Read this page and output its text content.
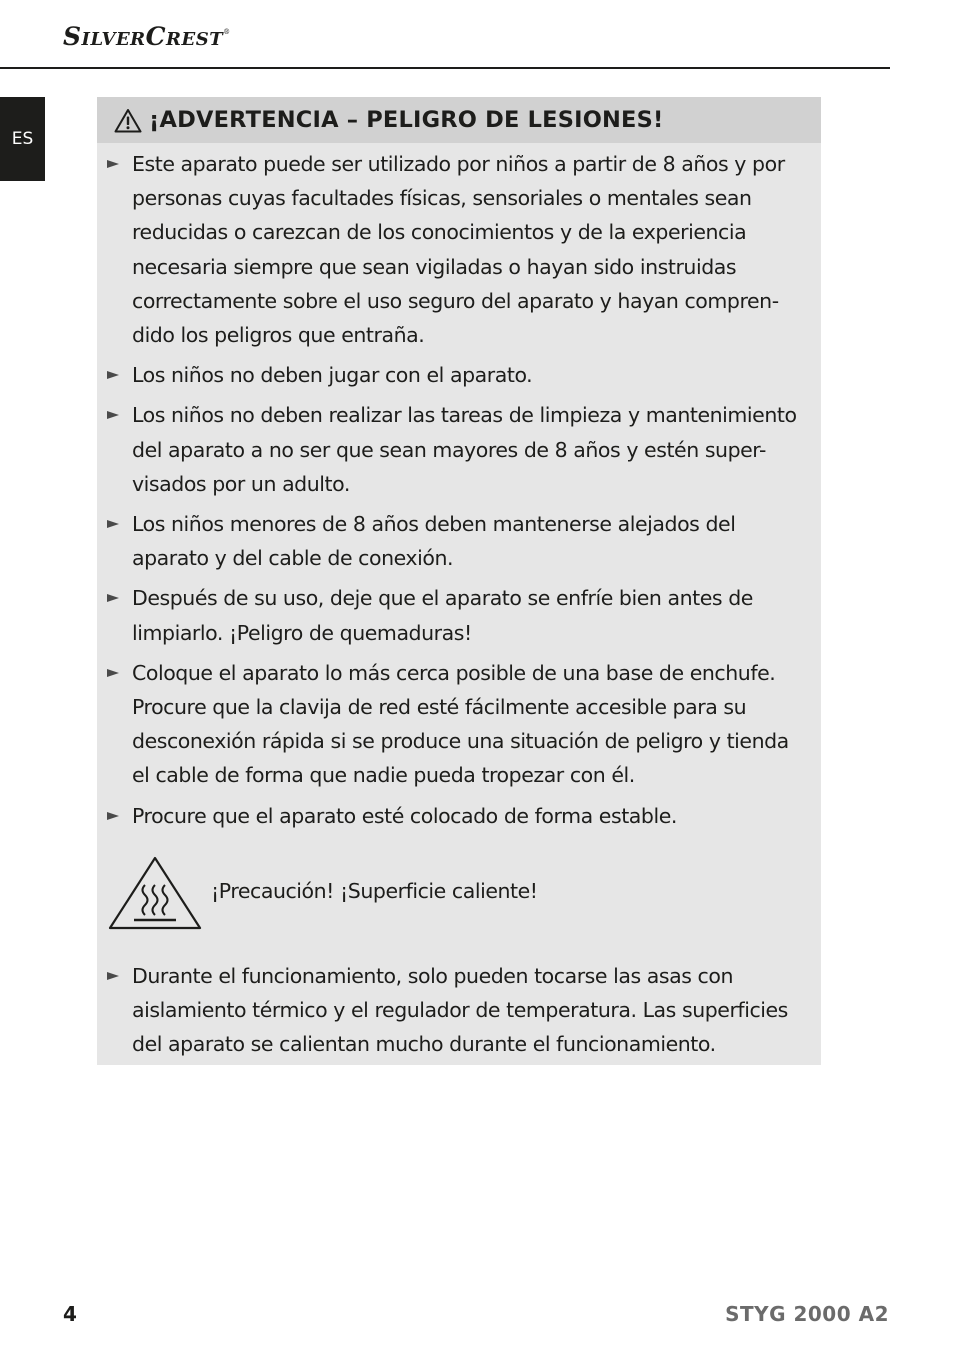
SilverCrest®
ES
¡ADVERTENCIA – PELIGRO DE LESIONES!
Este aparato puede ser utilizado por niños a partir de 8 años y por personas cuyas facultades físicas, sensoriales o mentales sean reducidas o carezcan de los conocimientos y de la experiencia necesaria siempre que sean vigiladas o hayan sido instruidas correctamente sobre el uso seguro del aparato y hayan compren-dido los peligros que entraña.
Los niños no deben jugar con el aparato.
Los niños no deben realizar las tareas de limpieza y mantenimiento del aparato a no ser que sean mayores de 8 años y estén super-visados por un adulto.
Los niños menores de 8 años deben mantenerse alejados del aparato y del cable de conexión.
Después de su uso, deje que el aparato se enfríe bien antes de limpiarlo. ¡Peligro de quemaduras!
Coloque el aparato lo más cerca posible de una base de enchufe. Procure que la clavija de red esté fácilmente accesible para su desconexión rápida si se produce una situación de peligro y tienda el cable de forma que nadie pueda tropezar con él.
Procure que el aparato esté colocado de forma estable.
¡Precaución! ¡Superficie caliente!
Durante el funcionamiento, solo pueden tocarse las asas con aislamiento térmico y el regulador de temperatura. Las superficies del aparato se calientan mucho durante el funcionamiento.
4	STYG 2000 A2
